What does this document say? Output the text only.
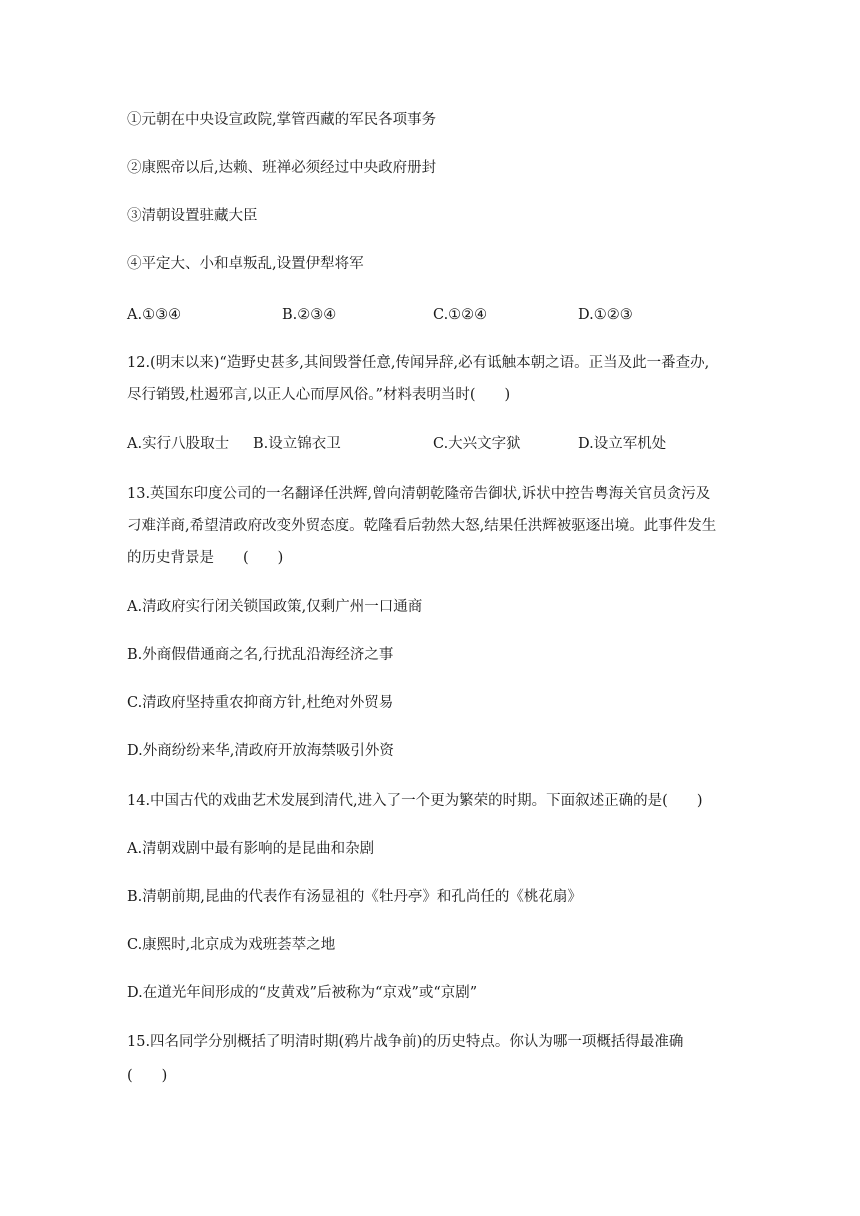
①元朝在中央设宣政院,掌管西藏的军民各项事务
②康熙帝以后,达赖、班禅必须经过中央政府册封
③清朝设置驻藏大臣
④平定大、小和卓叛乱,设置伊犁将军
A.①③④	B.②③④	C.①②④	D.①②③
12.(明末以来)“造野史甚多,其间毁誉任意,传闻异辞,必有诋触本朝之语。正当及此一番查办,
尽行销毁,杜遏邪言,以正人心而厚风俗。”材料表明当时(　　)
A.实行八股取士 B.设立锦衣卫	C.大兴文字狱	D.设立军机处
13.英国东印度公司的一名翻译任洪辉,曾向清朝乾隆帝告御状,诉状中控告粤海关官员贪污及
刁难洋商,希望清政府改变外贸态度。乾隆看后勃然大怒,结果任洪辉被驱逐出境。此事件发生
的历史背景是　　(　　)
A.清政府实行闭关锁国政策,仅剩广州一口通商
B.外商假借通商之名,行扰乱沿海经济之事
C.清政府坚持重农抑商方针,杜绝对外贸易
D.外商纷纷来华,清政府开放海禁吸引外资
14.中国古代的戏曲艺术发展到清代,进入了一个更为繁荣的时期。下面叙述正确的是(　　)
A.清朝戏剧中最有影响的是昆曲和杂剧
B.清朝前期,昆曲的代表作有汤显祖的《牡丹亭》和孔尚任的《桃花扇》
C.康熙时,北京成为戏班荟萃之地
D.在道光年间形成的“皮黄戏”后被称为“京戏”或“京剧”
15.四名同学分别概括了明清时期(鸦片战争前)的历史特点。你认为哪一项概括得最准确
(　　)
